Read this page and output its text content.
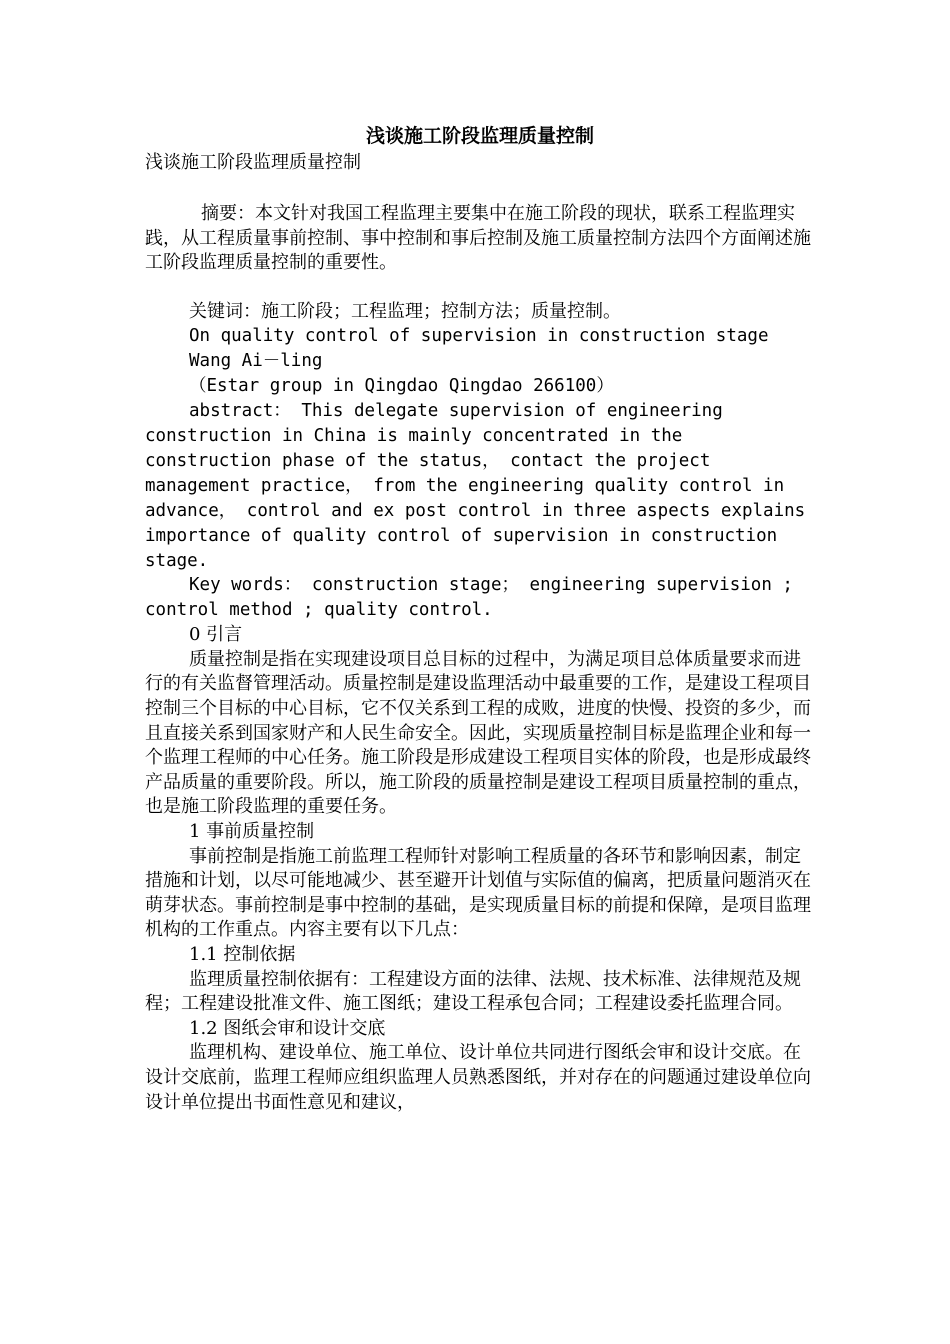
浅谈施工阶段监理质量控制

浅谈施工阶段监理质量控制

摘要：本文针对我国工程监理主要集中在施工阶段的现状，联系工程监理实践，从工程质量事前控制、事中控制和事后控制及施工质量控制方法四个方面阐述施工阶段监理质量控制的重要性。

关键词：施工阶段；工程监理；控制方法；质量控制。

On quality control of supervision in construction stage

Wang Ai－ling

（Estar group in Qingdao Qingdao 266100）

abstract： This delegate supervision of engineering construction in China is mainly concentrated in the construction phase of the status， contact the project management practice， from the engineering quality control in advance， control and ex post control in three aspects explains importance of quality control of supervision in construction stage.

Key words： construction stage； engineering supervision ; control method ; quality control.

0 引言

质量控制是指在实现建设项目总目标的过程中，为满足项目总体质量要求而进行的有关监督管理活动。质量控制是建设监理活动中最重要的工作，是建设工程项目控制三个目标的中心目标，它不仅关系到工程的成败，进度的快慢、投资的多少，而且直接关系到国家财产和人民生命安全。因此，实现质量控制目标是监理企业和每一个监理工程师的中心任务。施工阶段是形成建设工程项目实体的阶段，也是形成最终产品质量的重要阶段。所以，施工阶段的质量控制是建设工程项目质量控制的重点，也是施工阶段监理的重要任务。

1 事前质量控制

事前控制是指施工前监理工程师针对影响工程质量的各环节和影响因素，制定措施和计划，以尽可能地减少、甚至避开计划值与实际值的偏离，把质量问题消灭在萌芽状态。事前控制是事中控制的基础，是实现质量目标的前提和保障，是项目监理机构的工作重点。内容主要有以下几点：

1.1 控制依据

监理质量控制依据有：工程建设方面的法律、法规、技术标准、法律规范及规程；工程建设批准文件、施工图纸；建设工程承包合同；工程建设委托监理合同。

1.2 图纸会审和设计交底

监理机构、建设单位、施工单位、设计单位共同进行图纸会审和设计交底。在设计交底前，监理工程师应组织监理人员熟悉图纸，并对存在的问题通过建设单位向设计单位提出书面性意见和建议，
